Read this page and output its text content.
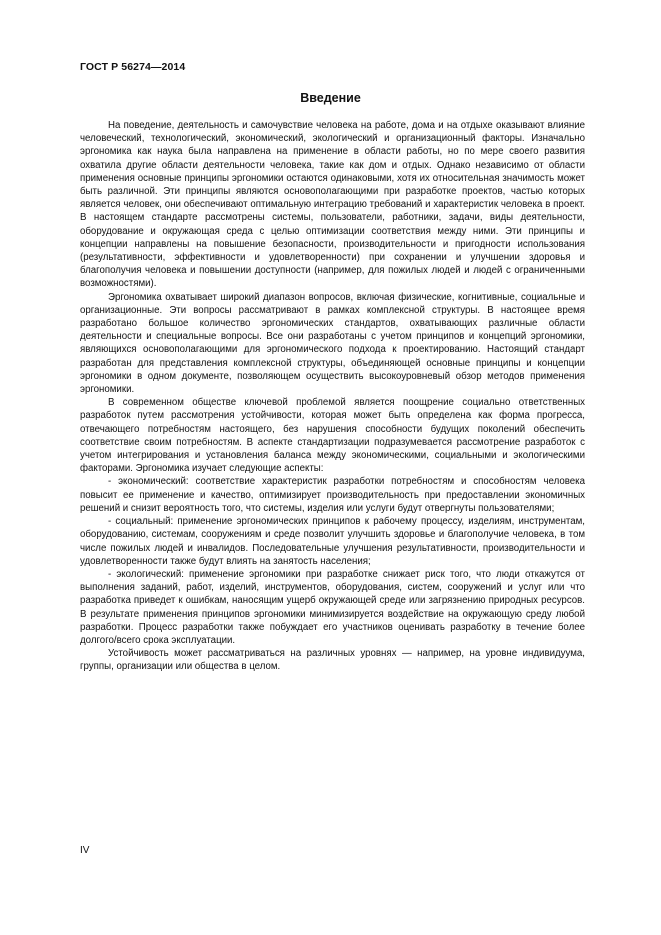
ГОСТ Р 56274—2014
Введение

На поведение, деятельность и самочувствие человека на работе, дома и на отдыхе оказывают влияние человеческий, технологический, экономический, экологический и организационный факторы. Изначально эргономика как наука была направлена на применение в области работы, но по мере своего развития охватила другие области деятельности человека, такие как дом и отдых. Однако независимо от области применения основные принципы эргономики остаются одинаковыми, хотя их относительная значимость может быть различной. Эти принципы являются основополагающими при разработке проектов, частью которых является человек, они обеспечивают оптимальную интеграцию требований и характеристик человека в проект. В настоящем стандарте рассмотрены системы, пользователи, работники, задачи, виды деятельности, оборудование и окружающая среда с целью оптимизации соответствия между ними. Эти принципы и концепции направлены на повышение безопасности, производительности и пригодности использования (результативности, эффективности и удовлетворенности) при сохранении и улучшении здоровья и благополучия человека и повышении доступности (например, для пожилых людей и людей с ограниченными возможностями).

Эргономика охватывает широкий диапазон вопросов, включая физические, когнитивные, социальные и организационные. Эти вопросы рассматривают в рамках комплексной структуры. В настоящее время разработано большое количество эргономических стандартов, охватывающих различные области деятельности и специальные вопросы. Все они разработаны с учетом принципов и концепций эргономики, являющихся основополагающими для эргономического подхода к проектированию. Настоящий стандарт разработан для представления комплексной структуры, объединяющей основные принципы и концепции эргономики в одном документе, позволяющем осуществить высокоуровневый обзор методов применения эргономики.

В современном обществе ключевой проблемой является поощрение социально ответственных разработок путем рассмотрения устойчивости, которая может быть определена как форма прогресса, отвечающего потребностям настоящего, без нарушения способности будущих поколений обеспечить соответствие своим потребностям. В аспекте стандартизации подразумевается рассмотрение разработок с учетом интегрирования и установления баланса между экономическими, социальными и экологическими факторами. Эргономика изучает следующие аспекты:

- экономический: соответствие характеристик разработки потребностям и способностям человека повысит ее применение и качество, оптимизирует производительность при предоставлении экономичных решений и снизит вероятность того, что системы, изделия или услуги будут отвергнуты пользователями;

- социальный: применение эргономических принципов к рабочему процессу, изделиям, инструментам, оборудованию, системам, сооружениям и среде позволит улучшить здоровье и благополучие человека, в том числе пожилых людей и инвалидов. Последовательные улучшения результативности, производительности и удовлетворенности также будут влиять на занятость населения;

- экологический: применение эргономики при разработке снижает риск того, что люди откажутся от выполнения заданий, работ, изделий, инструментов, оборудования, систем, сооружений и услуг или что разработка приведет к ошибкам, наносящим ущерб окружающей среде или загрязнению природных ресурсов. В результате применения принципов эргономики минимизируется воздействие на окружающую среду любой разработки. Процесс разработки также побуждает его участников оценивать разработку в течение более долгого/всего срока эксплуатации.

Устойчивость может рассматриваться на различных уровнях — например, на уровне индивидуума, группы, организации или общества в целом.

IV
